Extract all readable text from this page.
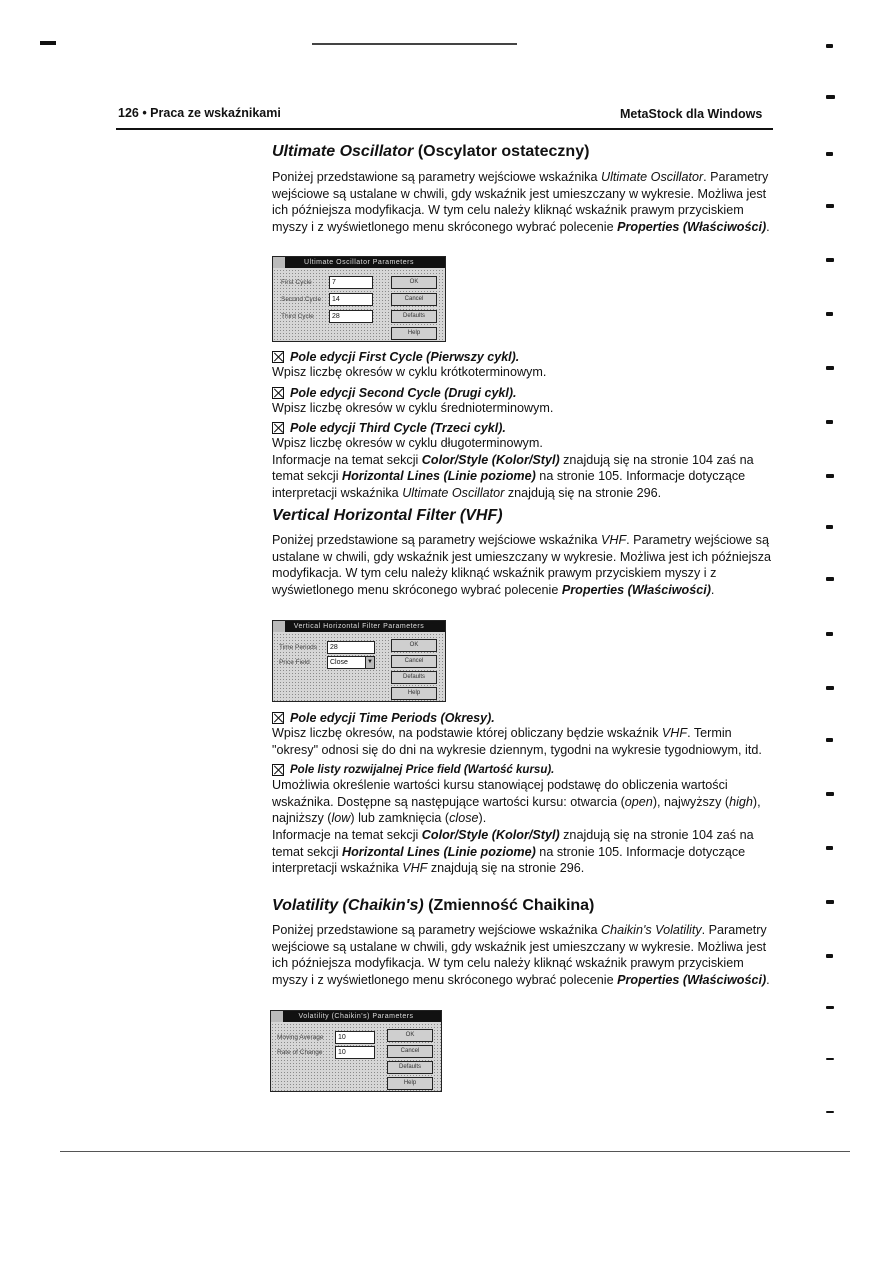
126 • Praca ze wskaźnikami	MetaStock dla Windows
Ultimate Oscillator (Oscylator ostateczny)

Poniżej przedstawione są parametry wejściowe wskaźnika Ultimate Oscillator. Parametry wejściowe są ustalane w chwili, gdy wskaźnik jest umieszczany w wykresie. Możliwa jest ich późniejsza modyfikacja. W tym celu należy kliknąć wskaźnik prawym przyciskiem myszy i z wyświetlonego menu skróconego wybrać polecenie Properties (Właściwości).

Ultimate Oscillator Parameters
First Cycle	7
Second Cycle	14
Third Cycle	28
OK
Cancel
Defaults
Help
Pole edycji First Cycle (Pierwszy cykl).

Wpisz liczbę okresów w cyklu krótkoterminowym.

Pole edycji Second Cycle (Drugi cykl).

Wpisz liczbę okresów w cyklu średnioterminowym.

Pole edycji Third Cycle (Trzeci cykl).

Wpisz liczbę okresów w cyklu długoterminowym.

Informacje na temat sekcji Color/Style (Kolor/Styl) znajdują się na stronie 104 zaś na temat sekcji Horizontal Lines (Linie poziome) na stronie 105. Informacje dotyczące interpretacji wskaźnika Ultimate Oscillator znajdują się na stronie 296.

Vertical Horizontal Filter (VHF)

Poniżej przedstawione są parametry wejściowe wskaźnika VHF. Parametry wejściowe są ustalane w chwili, gdy wskaźnik jest umieszczany w wykresie. Możliwa jest ich późniejsza modyfikacja. W tym celu należy kliknąć wskaźnik prawym przyciskiem myszy i z wyświetlonego menu skróconego wybrać polecenie Properties (Właściwości).

Vertical Horizontal Filter Parameters
Time Periods	28
Price Field	Close	▼
OK
Cancel
Defaults
Help
Pole edycji Time Periods (Okresy).

Wpisz liczbę okresów, na podstawie której obliczany będzie wskaźnik VHF. Termin "okresy" odnosi się do dni na wykresie dziennym, tygodni na wykresie tygodniowym, itd.

Pole listy rozwijalnej Price field (Wartość kursu).

Umożliwia określenie wartości kursu stanowiącej podstawę do obliczenia wartości wskaźnika. Dostępne są następujące wartości kursu: otwarcia (open), najwyższy (high), najniższy (low) lub zamknięcia (close).

Informacje na temat sekcji Color/Style (Kolor/Styl) znajdują się na stronie 104 zaś na temat sekcji Horizontal Lines (Linie poziome) na stronie 105. Informacje dotyczące interpretacji wskaźnika VHF znajdują się na stronie 296.

Volatility (Chaikin's) (Zmienność Chaikina)

Poniżej przedstawione są parametry wejściowe wskaźnika Chaikin's Volatility. Parametry wejściowe są ustalane w chwili, gdy wskaźnik jest umieszczany w wykresie. Możliwa jest ich późniejsza modyfikacja. W tym celu należy kliknąć wskaźnik prawym przyciskiem myszy i z wyświetlonego menu skróconego wybrać polecenie Properties (Właściwości).

Volatility (Chaikin's) Parameters
Moving Average	10
Rate of Change	10
OK
Cancel
Defaults
Help
